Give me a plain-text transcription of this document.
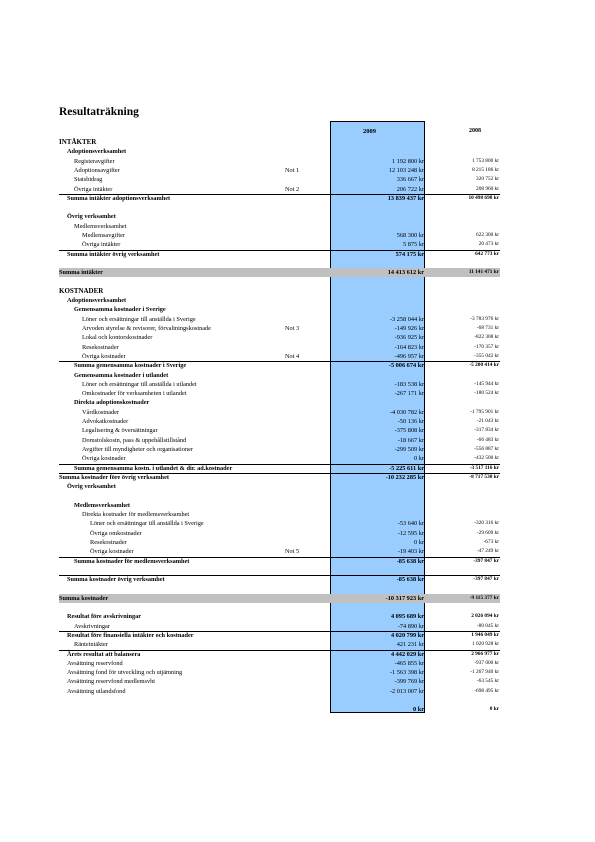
Resultaträkning
2009	2008
INTÄKTER
Adoptionsverksamhet
Registeravgifter	1 192 800 kr	1 753 800 kr
Adoptionsavgifter	Not 1	12 103 248 kr	8 215 186 kr
Statsbidrag	336 667 kr	320 752 kr
Övriga intäkter	Not 2	206 722 kr	208 960 kr
Summa intäkter adoptionsverksamhet	13 839 437 kr	10 498 698 kr
Övrig verksamhet
Medlemsverksamhet
Medlemsavgifter	568 300 kr	622 300 kr
Övriga intäkter	5 875 kr	20 473 kr
Summa intäkter övrig verksamhet	574 175 kr	642 773 kr
Summa intäkter	14 413 612 kr	11 141 471 kr
KOSTNADER
Adoptionsverksamhet
Gemensamma kostnader i Sverige
Löner och ersättningar till anställda i Sverige	-3 258 044 kr	-3 783 976 kr
Arvoden styrelse & revisorer, förvaltningskostnade	Not 3	-149 926 kr	-68 731 kr
Lokal och kontorskostnader	-936 925 kr	-822 308 kr
Resekostnader	-164 823 kr	-170 357 kr
Övriga kostnader	Not 4	-496 957 kr	-355 042 kr
Summa gemensamma kostnader i Sverige	-5 006 674 kr	-5 200 414 kr
Gemensamma kostnader i utlandet
Löner och ersättningar till anställda i utlandet	-183 538 kr	-145 944 kr
Omkostnader för verksamheten i utlandet	-267 171 kr	-180 524 kr
Direkta adoptionskostnader
Vårdkostnader	-4 030 782 kr	-1 795 901 kr
Advokatkostnader	-50 136 kr	-21 043 kr
Legalisering & översättningar	-375 808 kr	-317 834 kr
Domstolskostn, pass & uppehållstillstånd	-18 667 kr	-66 483 kr
Avgifter till myndigheter och organisationer	-299 509 kr	-556 887 kr
Övriga kostnader	0 kr	-432 500 kr
Summa gemensamma kostn. i utlandet & dir. ad.kostnader	-5 225 611 kr	-3 517 116 kr
Summa kostnader före övrig verksamhet	-10 232 285 kr	-8 717 530 kr
Övrig verksamhet
Medlemsverksamhet
Direkta kostnader för medlemsverksamhet
Löner och ersättningar till anställda i Sverige	-53 640 kr	-320 316 kr
Övriga omkostnader	-12 595 kr	-29 609 kr
Resekostnader	0 kr	-673 kr
Övriga kostnader	Not 5	-19 403 kr	-47 249 kr
Summa kostnader för medlemsverksamhet	-85 638 kr	-397 847 kr
Summa kostnader övrig verksamhet	-85 638 kr	-397 847 kr
Summa kostnader	-10 317 923 kr	-9 115 377 kr
Resultat före avskrivningar	4 095 689 kr	2 026 094 kr
Avskrivningar	-74 890 kr	-80 045 kr
Resultat före finansiella intäkter och kostnader	4 020 799 kr	1 946 049 kr
Ränteintäkter	421 231 kr	1 020 928 kr
Årets resultat att balansera	4 442 029 kr	2 966 977 kr
Avsättning reservfond	-465 855 kr	-937 000 kr
Avsättning fond för utveckling och utjämning	-1 563 398 kr	-1 267 940 kr
Avsättning reservfond medlemsvht	-399 769 kr	-63 545 kr
Avsättning utlandsfond	-2 013 007 kr	-698 495 kr
0 kr	0 kr
